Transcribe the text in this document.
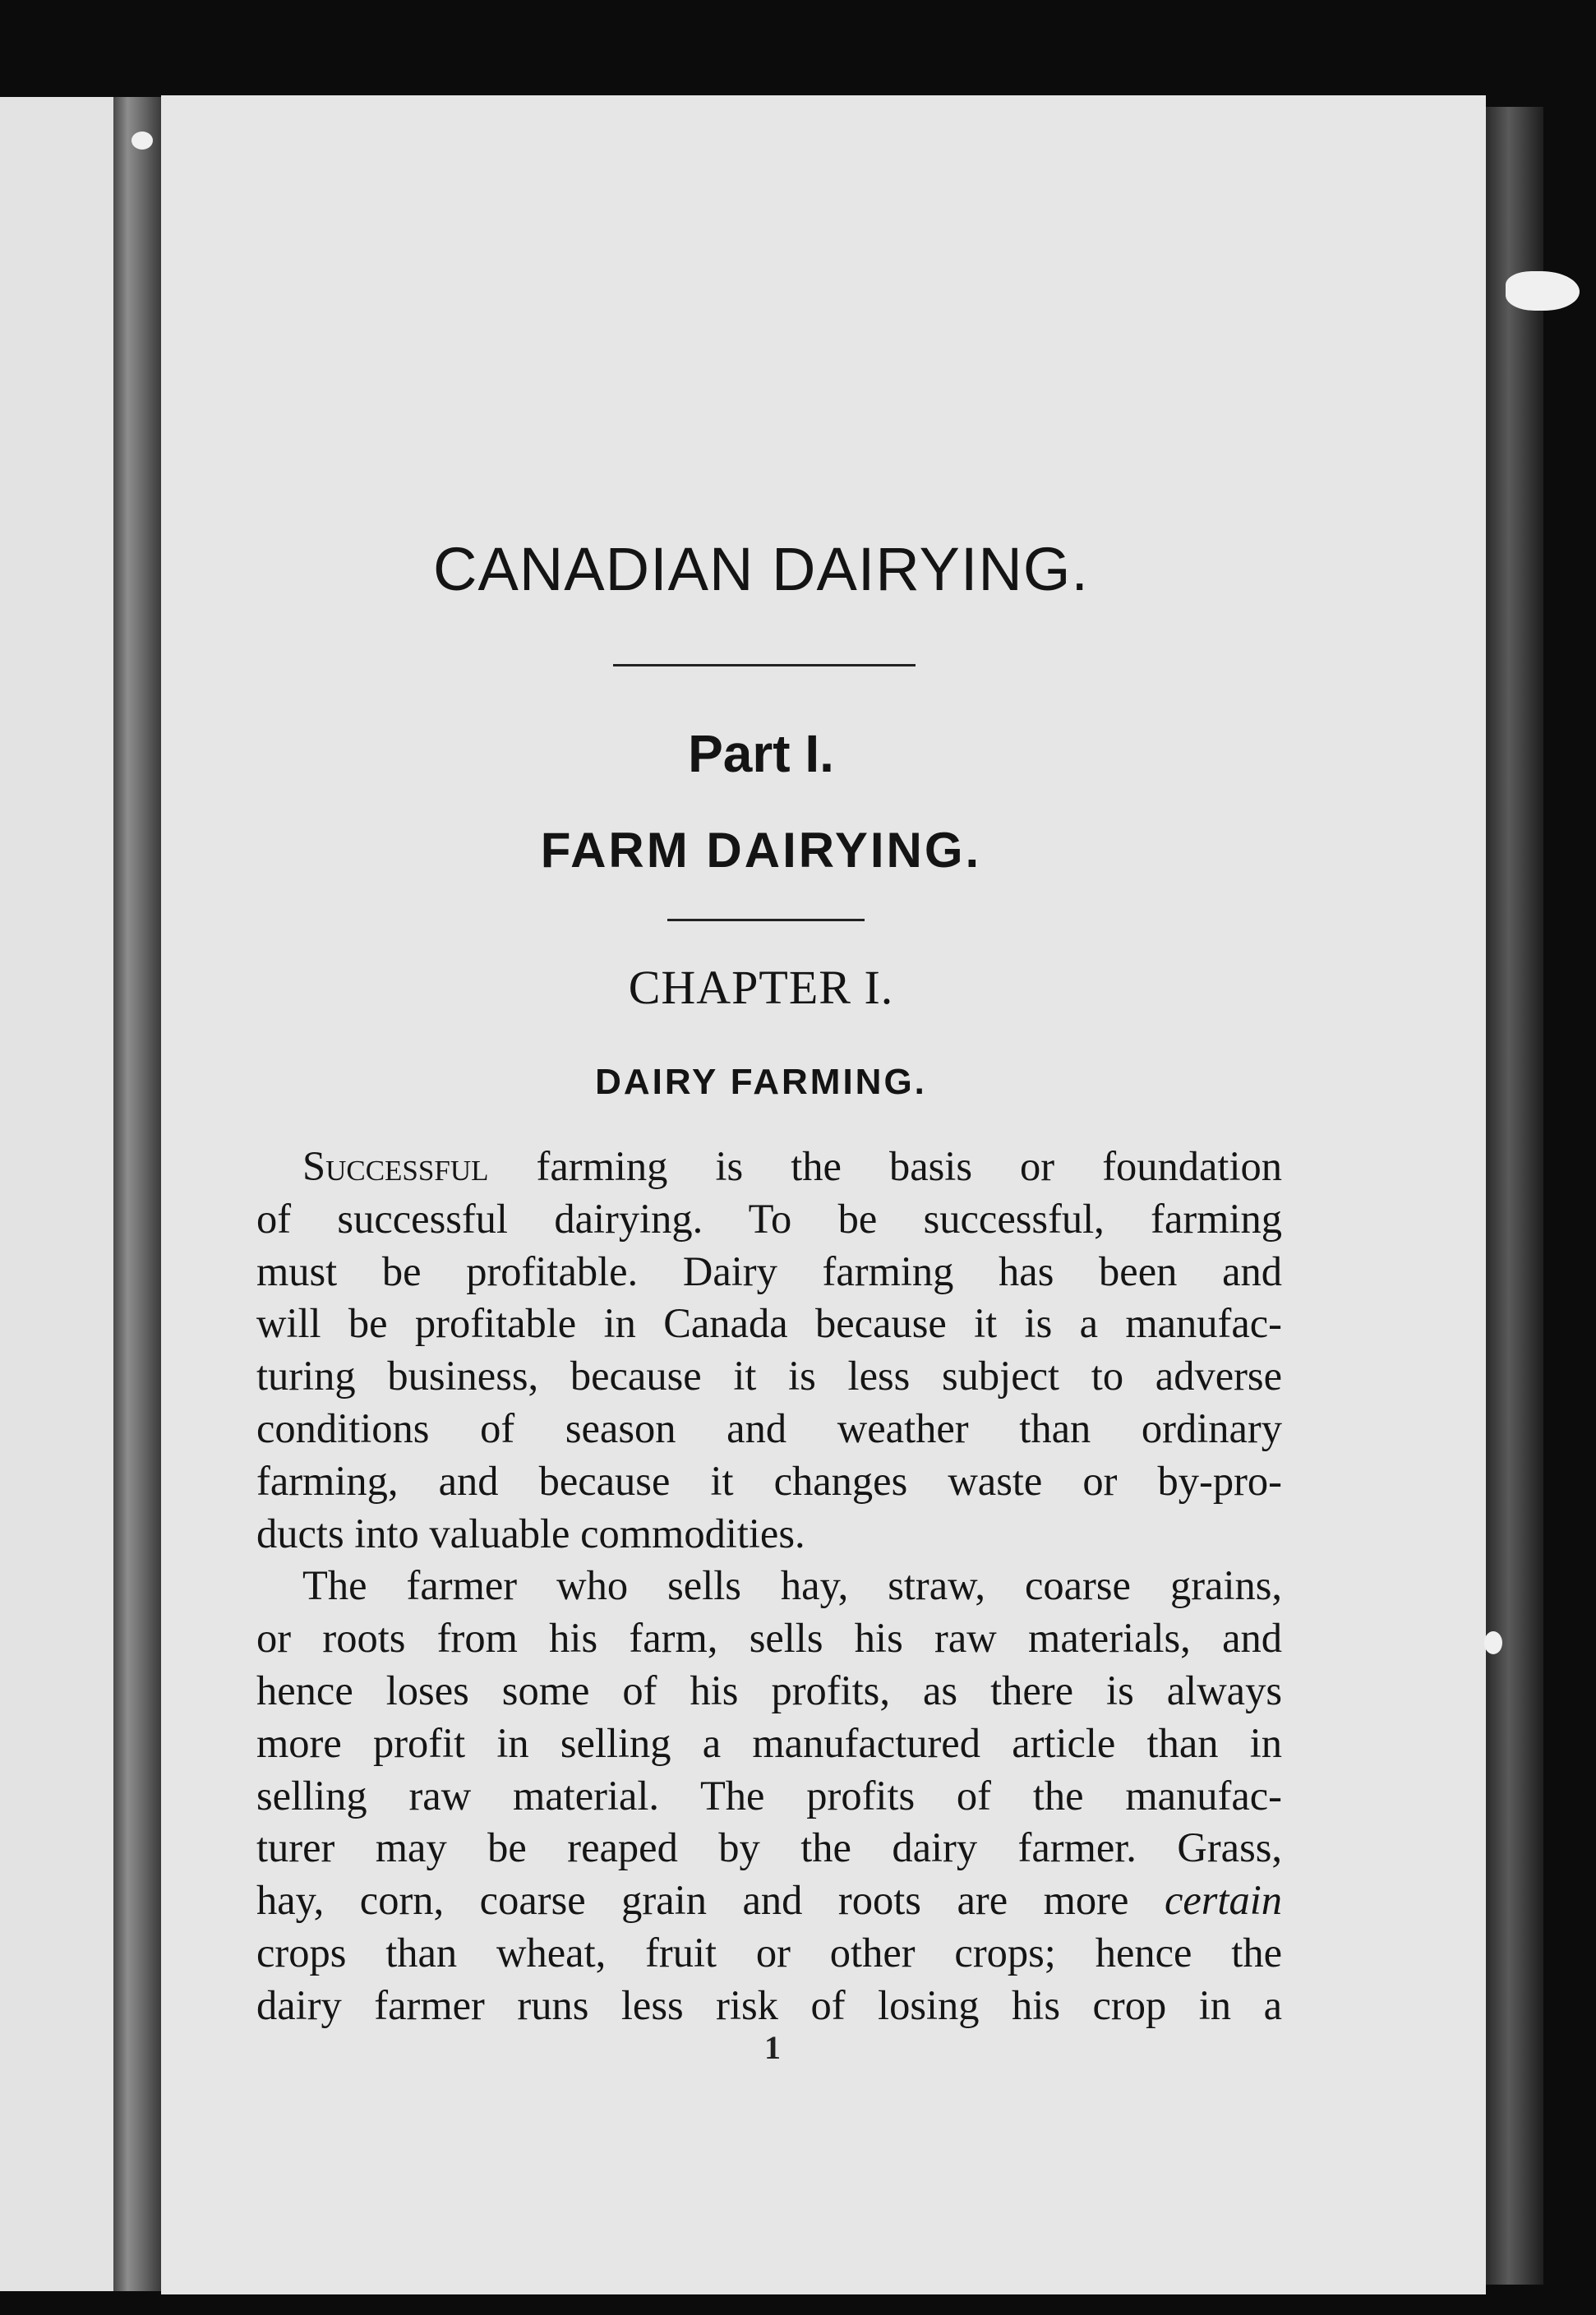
CANADIAN DAIRYING.
Part I.
FARM DAIRYING.
CHAPTER I.
DAIRY FARMING.
Successful farming is the basis or foundation
of successful dairying. To be successful, farming
must be profitable. Dairy farming has been and
will be profitable in Canada because it is a manufac-
turing business, because it is less subject to adverse
conditions of season and weather than ordinary
farming, and because it changes waste or by-pro-
ducts into valuable commodities.
The farmer who sells hay, straw, coarse grains,
or roots from his farm, sells his raw materials, and
hence loses some of his profits, as there is always
more profit in selling a manufactured article than in
selling raw material. The profits of the manufac-
turer may be reaped by the dairy farmer. Grass,
hay, corn, coarse grain and roots are more certain
crops than wheat, fruit or other crops; hence the
dairy farmer runs less risk of losing his crop in a
1
